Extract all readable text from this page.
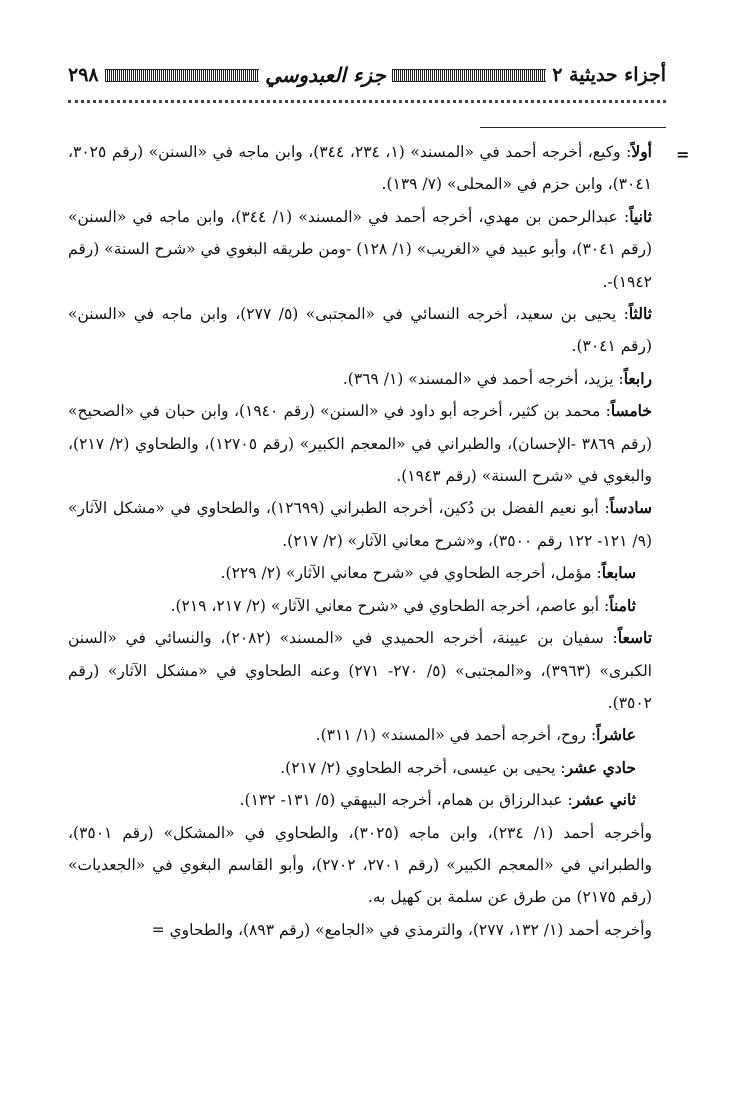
٢٩٨	جزء العبدوسي	أجزاء حديثية ٢
=

أولاً: وكيع، أخرجه أحمد في «المسند» (١، ٢٣٤، ٣٤٤)، وابن ماجه في «السنن» (رقم ٣٠٢٥، ٣٠٤١)، وابن حزم في «المحلى» (٧/ ١٣٩).

ثانياً: عبدالرحمن بن مهدي، أخرجه أحمد في «المسند» (١/ ٣٤٤)، وابن ماجه في «السنن» (رقم ٣٠٤١)، وأبو عبيد في «الغريب» (١/ ١٢٨) -ومن طريقه البغوي في «شرح السنة» (رقم ١٩٤٢)-.

ثالثاً: يحيى بن سعيد، أخرجه النسائي في «المجتبى» (٥/ ٢٧٧)، وابن ماجه في «السنن» (رقم ٣٠٤١).

رابعاً: يزيد، أخرجه أحمد في «المسند» (١/ ٣٦٩).

خامساً: محمد بن كثير، أخرجه أبو داود في «السنن» (رقم ١٩٤٠)، وابن حبان في «الصحيح» (رقم ٣٨٦٩ -الإحسان)، والطبراني في «المعجم الكبير» (رقم ١٢٧٠٥)، والطحاوي (٢/ ٢١٧)، والبغوي في «شرح السنة» (رقم ١٩٤٣).

سادساً: أبو نعيم الفضل بن دُكين، أخرجه الطبراني (١٢٦٩٩)، والطحاوي في «مشكل الآثار» (٩/ ١٢١- ١٢٢ رقم ٣٥٠٠)، و«شرح معاني الآثار» (٢/ ٢١٧).

سابعاً: مؤمل، أخرجه الطحاوي في «شرح معاني الآثار» (٢/ ٢٢٩).

ثامناً: أبو عاصم، أخرجه الطحاوي في «شرح معاني الآثار» (٢/ ٢١٧، ٢١٩).

تاسعاً: سفيان بن عيينة، أخرجه الحميدي في «المسند» (٢٠٨٢)، والنسائي في «السنن الكبرى» (٣٩٦٣)، و«المجتبى» (٥/ ٢٧٠- ٢٧١) وعنه الطحاوي في «مشكل الآثار» (رقم ٣٥٠٢).

عاشراً: روح، أخرجه أحمد في «المسند» (١/ ٣١١).

حادي عشر: يحيى بن عيسى، أخرجه الطحاوي (٢/ ٢١٧).

ثاني عشر: عبدالرزاق بن همام، أخرجه البيهقي (٥/ ١٣١- ١٣٢).

وأخرجه أحمد (١/ ٢٣٤)، وابن ماجه (٣٠٢٥)، والطحاوي في «المشكل» (رقم ٣٥٠١)، والطبراني في «المعجم الكبير» (رقم ٢٧٠١، ٢٧٠٢)، وأبو القاسم البغوي في «الجعديات» (رقم ٢١٧٥) من طرق عن سلمة بن كهيل به.

وأخرجه أحمد (١/ ١٣٢، ٢٧٧)، والترمذي في «الجامع» (رقم ٨٩٣)، والطحاوي =
